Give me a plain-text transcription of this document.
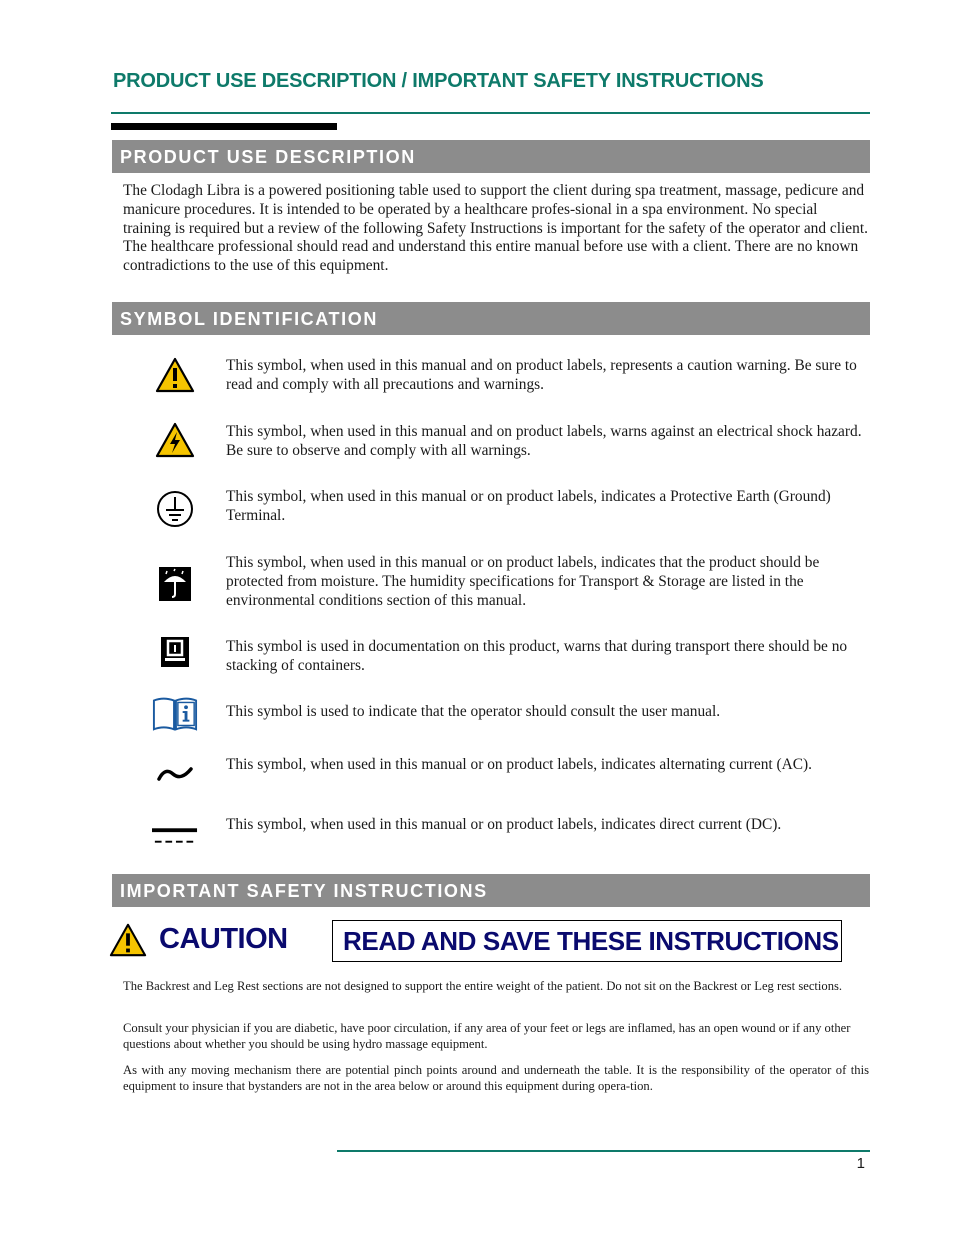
PRODUCT USE DESCRIPTION / IMPORTANT SAFETY INSTRUCTIONS
PRODUCT USE DESCRIPTION
The Clodagh Libra is a powered positioning table used to support the client during spa treatment, massage, pedicure and manicure procedures. It is intended to be operated by a healthcare profes-sional in a spa environment. No special training is required but a review of the following Safety Instructions is important for the safety of the operator and client. The healthcare professional should read and understand this entire manual before use with a client. There are no known contradictions to the use of this equipment.
SYMBOL IDENTIFICATION
This symbol, when used in this manual and on product labels, represents a caution warning. Be sure to read and comply with all precautions and warnings.
This symbol, when used in this manual and on product labels, warns against an electrical shock hazard. Be sure to observe and comply with all warnings.
This symbol, when used in this manual or on product labels, indicates a Protective Earth (Ground) Terminal.
This symbol, when used in this manual or on product labels, indicates that the product should be protected from moisture. The humidity specifications for Transport & Storage are listed in the environmental conditions section of this manual.
This symbol is used in documentation on this product, warns that during transport there should be no stacking of containers.
This symbol is used to indicate that the operator should consult the user manual.
This symbol, when used in this manual or on product labels, indicates alternating current (AC).
This symbol, when used in this manual or on product labels, indicates direct current (DC).
IMPORTANT SAFETY INSTRUCTIONS
CAUTION	READ AND SAVE THESE INSTRUCTIONS
The Backrest and Leg Rest sections are not designed to support the entire weight of the patient. Do not sit on the Backrest or Leg rest sections.
Consult your physician if you are diabetic, have poor circulation, if any area of your feet or legs are inflamed, has an open wound or if any other questions about whether you should be using hydro massage equipment.
As with any moving mechanism there are potential pinch points around and underneath the table. It is the responsibility of the operator of this equipment to insure that bystanders are not in the area below or around this equipment during opera-tion.
1
